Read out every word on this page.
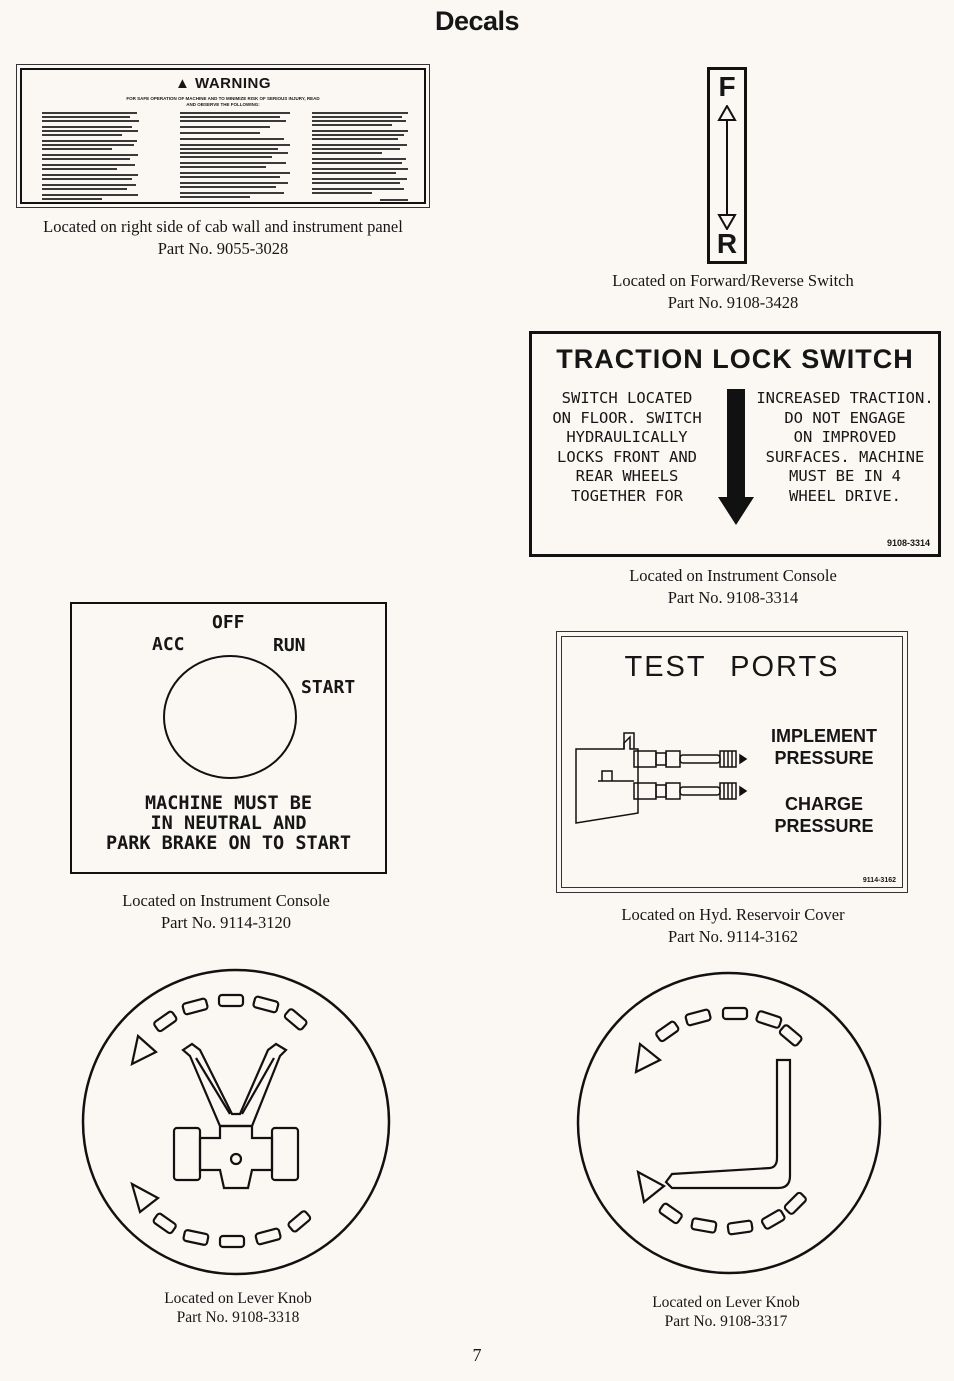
Decals
▲ WARNING
FOR SAFE OPERATION OF MACHINE AND TO MINIMIZE RISK OF SERIOUS INJURY, READ AND OBSERVE THE FOLLOWING:
Located on right side of cab wall and instrument panel
Part No. 9055-3028
F
R
Located on Forward/Reverse Switch
Part No. 9108-3428
TRACTION LOCK SWITCH
SWITCH LOCATED
ON FLOOR. SWITCH
HYDRAULICALLY
LOCKS FRONT AND
REAR WHEELS
TOGETHER FOR
INCREASED TRACTION.
DO NOT ENGAGE
ON IMPROVED
SURFACES. MACHINE
MUST BE IN 4
WHEEL DRIVE.
9108-3314
Located on Instrument Console
Part No. 9108-3314
OFF
ACC	RUN
START
MACHINE MUST BE
IN NEUTRAL AND
PARK BRAKE ON TO START
Located on Instrument Console
Part No. 9114-3120
TEST PORTS
IMPLEMENT
PRESSURE
CHARGE
PRESSURE
9114-3162
Located on Hyd. Reservoir Cover
Part No. 9114-3162
Located on Lever Knob
Part No. 9108-3318
Located on Lever Knob
Part No. 9108-3317
7
